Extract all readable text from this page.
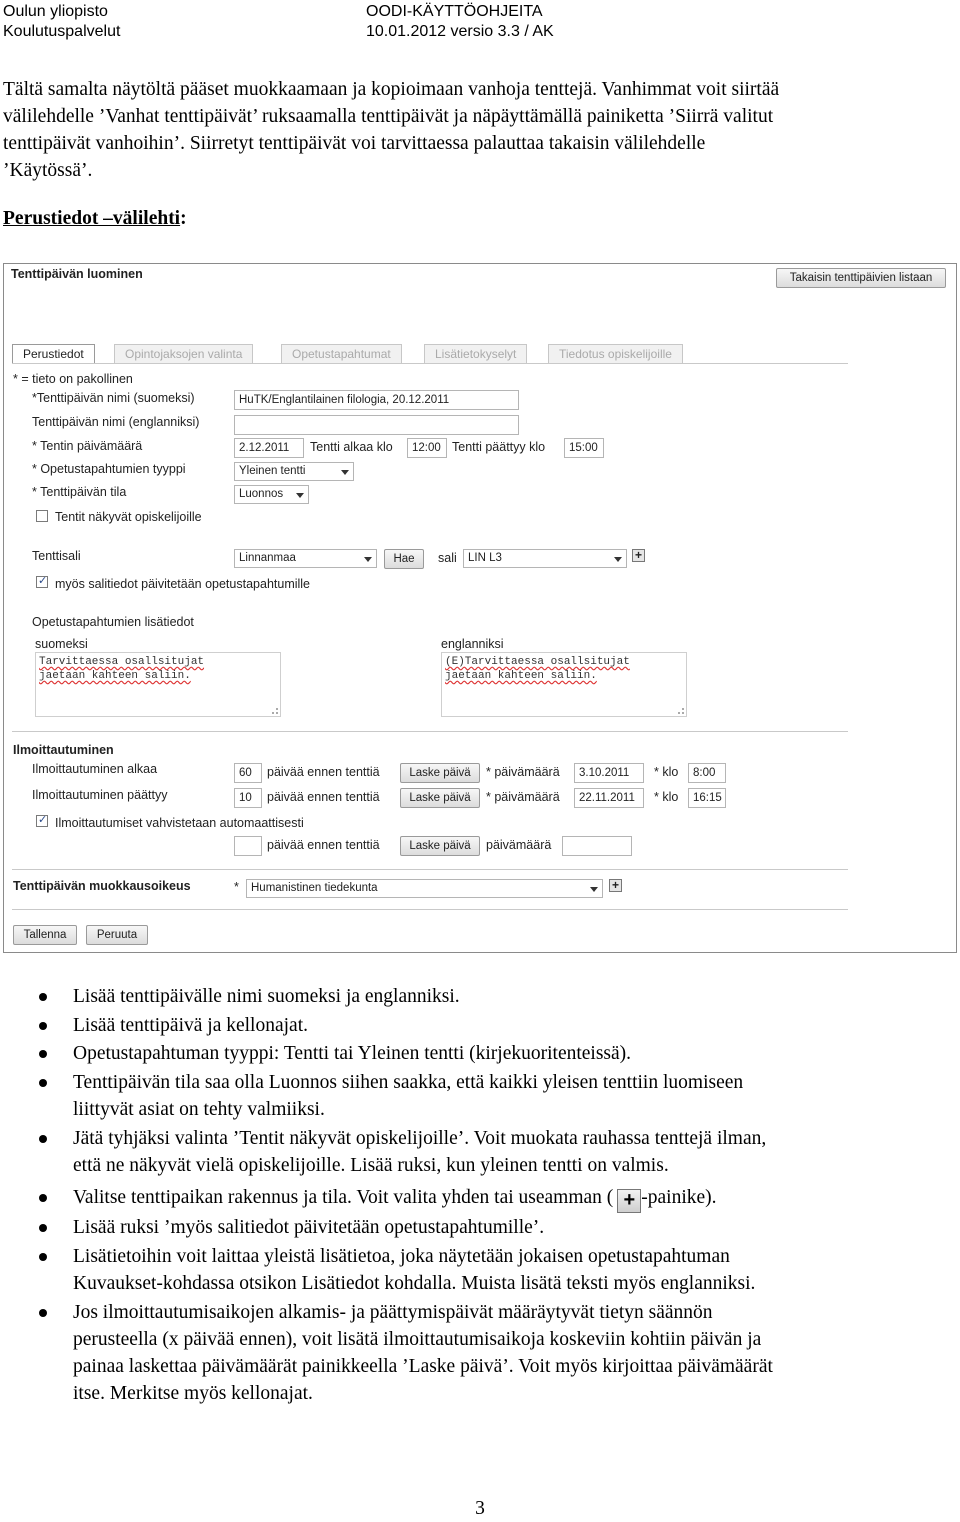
Oulun yliopisto
Koulutuspalvelut
OODI-KÄYTTÖOHJEITA
10.01.2012 versio 3.3 / AK
Tältä samalta näytöltä pääset muokkaamaan ja kopioimaan vanhoja tenttejä. Vanhimmat voit siirtää
välilehdelle ’Vanhat tenttipäivät’ ruksaamalla tenttipäivät ja näpäyttämällä painiketta ’Siirrä valitut
tenttipäivät vanhoihin’. Siirretyt tenttipäivät voi tarvittaessa palauttaa takaisin välilehdelle
’Käytössä’.
Perustiedot –välilehti:
Tenttipäivän luominen	Takaisin tenttipäivien listaan
Perustiedot	Opintojaksojen valinta	Opetustapahtumat	Lisätietokyselyt	Tiedotus opiskelijoille
* = tieto on pakollinen
*Tenttipäivän nimi (suomeksi)	HuTK/Englantilainen filologia, 20.12.2011
Tenttipäivän nimi (englanniksi)
* Tentin päivämäärä	2.12.2011	Tentti alkaa klo	12:00 Tentti päättyy klo	15:00
* Opetustapahtumien tyyppi	Yleinen tentti
* Tenttipäivän tila	Luonnos
Tentit näkyvät opiskelijoille
Tenttisali	Linnanmaa	Hae	sali LIN L3	+
✓
myös salitiedot päivitetään opetustapahtumille
Opetustapahtumien lisätiedot
suomeksi
Tarvittaessa osallsitujat
jaetaan kahteen saliin.
englanniksi
(E)Tarvittaessa osallsitujat
jaetaan kahteen saliin.
Ilmoittautuminen
Ilmoittautuminen alkaa	60	päivää ennen tenttiä	Laske päivä	* päivämäärä	3.10.2011	* klo	8:00
Ilmoittautuminen päättyy	10	päivää ennen tenttiä	Laske päivä	* päivämäärä	22.11.2011	* klo	16:15
✓
Ilmoittautumiset vahvistetaan automaattisesti
päivää ennen tenttiä	Laske päivä	päivämäärä
Tenttipäivän muokkausoikeus	*	Humanistinen tiedekunta	+
Tallenna	Peruuta
Lisää tenttipäivälle nimi suomeksi ja englanniksi.
Lisää tenttipäivä ja kellonajat.
Opetustapahtuman tyyppi: Tentti tai Yleinen tentti (kirjekuoritenteissä).
Tenttipäivän tila saa olla Luonnos siihen saakka, että kaikki yleisen tenttiin luomiseen
liittyvät asiat on tehty valmiiksi.
Jätä tyhjäksi valinta ’Tentit näkyvät opiskelijoille’. Voit muokata rauhassa tenttejä ilman,
että ne näkyvät vielä opiskelijoille. Lisää ruksi, kun yleinen tentti on valmis.
Valitse tenttipaikan rakennus ja tila. Voit valita yhden tai useamman ( + -painike).
Lisää ruksi ’myös salitiedot päivitetään opetustapahtumille’.
Lisätietoihin voit laittaa yleistä lisätietoa, joka näytetään jokaisen opetustapahtuman
Kuvaukset-kohdassa otsikon Lisätiedot kohdalla. Muista lisätä teksti myös englanniksi.
Jos ilmoittautumisaikojen alkamis- ja päättymispäivät määräytyvät tietyn säännön
perusteella (x päivää ennen), voit lisätä ilmoittautumisaikoja koskeviin kohtiin päivän ja
painaa laskettaa päivämäärät painikkeella ’Laske päivä’. Voit myös kirjoittaa päivämäärät
itse. Merkitse myös kellonajat.
3
